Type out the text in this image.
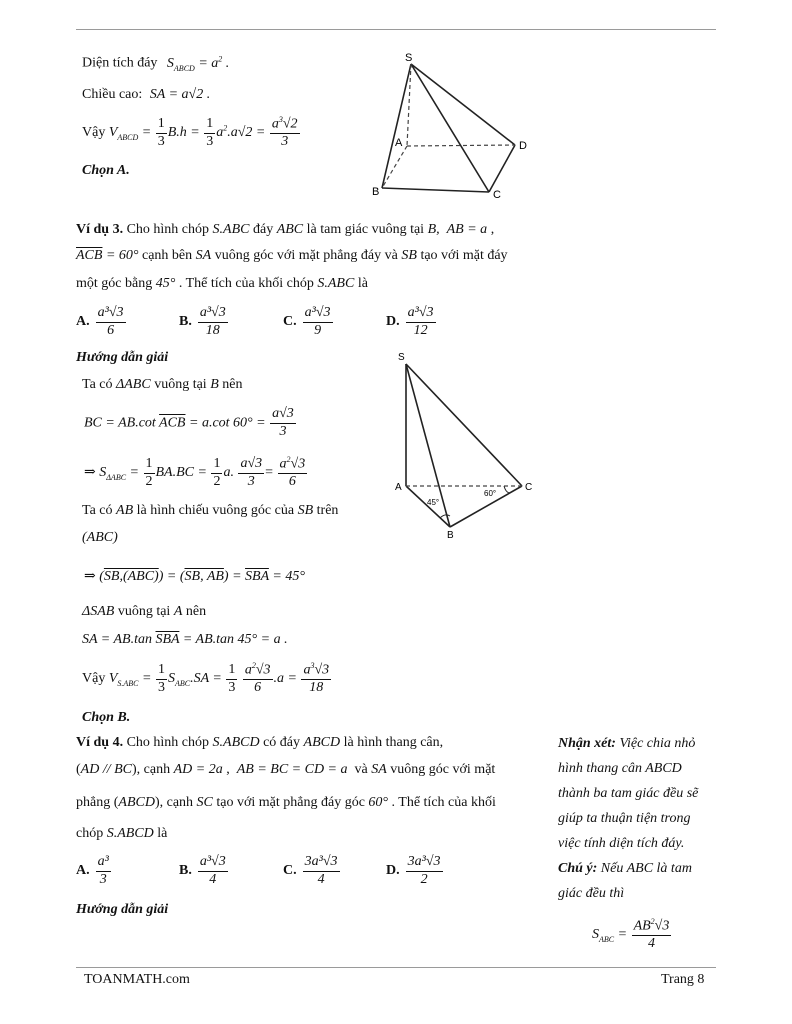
Diện tích đáy $S_{ABCD} = a^2$ .
Chiều cao: SA = a√2 .
Vậy $V_{ABCD} = \frac{1}{3} B.h = \frac{1}{3} a^2.a√2 = \frac{a^3√2}{3}$
Chọn A.
S
A	D
B	C
Ví dụ 3. Cho hình chóp S.ABC đáy ABC là tam giác vuông tại B,  AB = a ,
$\overline{ACB} = 60^\circ$ cạnh bên SA vuông góc với mặt phẳng đáy và SB tạo với mặt đáy
một góc bằng 45° . Thể tích của khối chóp S.ABC là
A. $\frac{\text{a³√3}}{6}$	B. $\frac{\text{a³√3}}{18}$	C. $\frac{\text{a³√3}}{9}$	D. $\frac{\text{a³√3}}{12}$
Hướng dẫn giải
Ta có ΔABC vuông tại B nên
BC = AB.cot $\overline{ACB} = a.\cot$ $60^\circ = \frac{a√3}{3}$
⇒ $S_{\Delta ABC} = \frac{1}{2} BA.BC = \frac{1}{2} a$. $\frac{a√3}{3} = \frac{a^2√3}{6}$
Ta có AB là hình chiếu vuông góc của SB trên
(ABC)
⇒ (SB,(ABC)) = (SB, $AB) = \overline{SBA} = 45^\circ$
ΔSAB vuông tại A nên
SA = AB.tan $\overline{SBA} = AB.\tan$ 45° = a .
Vậy $V_{S.ABC} = \frac{1}{3} S_{ABC}.SA = \frac{1}{3}$
$\frac{a^2√3}{6} .a = \frac{a^3√3}{18}$
Chọn B.
S
A	C
B
45°
60°
Ví dụ 4. Cho hình chóp S.ABCD có đáy ABCD là hình thang cân,
(AD // BC), cạnh AD = 2a ,  AB = BC = CD = a  và SA vuông góc với mặt
phẳng (ABCD), cạnh SC tạo với mặt phẳng đáy góc 60° . Thể tích của khối
chóp S.ABCD là
A. $\frac{\text{a³}}{3}$	B. $\frac{\text{a³√3}}{4}$	C. $\frac{\text{3a³√3}}{4}$	D. $\frac{\text{3a³√3}}{2}$
Hướng dẫn giải
Nhận xét: Việc chia nhỏ
hình thang cân ABCD
thành ba tam giác đều sẽ
giúp ta thuận tiện trong
việc tính diện tích đáy.
Chú ý: Nếu ABC là tam
giác đều thì
$S_{ABC} = \frac{AB^2√3}{4}$
TOANMATH.com	Trang 8
